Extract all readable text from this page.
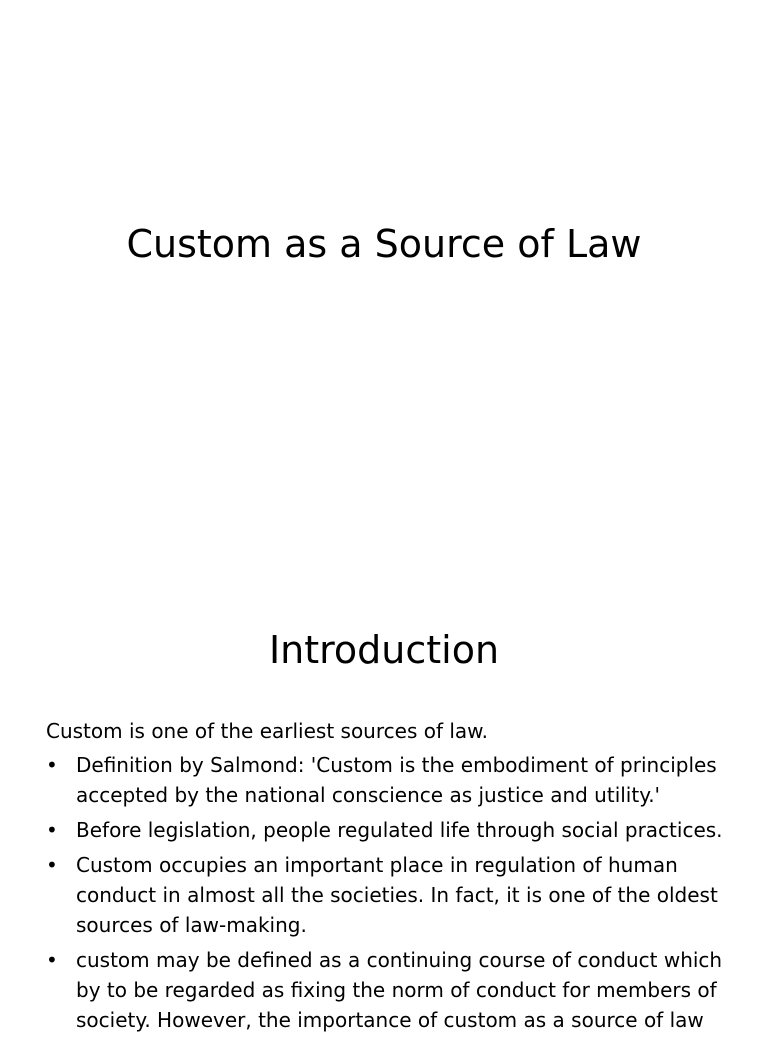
Custom as a Source of Law
Introduction

Custom is one of the earliest sources of law.

• Definition by Salmond: 'Custom is the embodiment of principles accepted by the national conscience as justice and utility.'
• Before legislation, people regulated life through social practices.
• Custom occupies an important place in regulation of human conduct in almost all the societies. In fact, it is one of the oldest sources of law-making.
• custom may be defined as a continuing course of conduct which by to be regarded as fixing the norm of conduct for members of society. However, the importance of custom as a source of law
